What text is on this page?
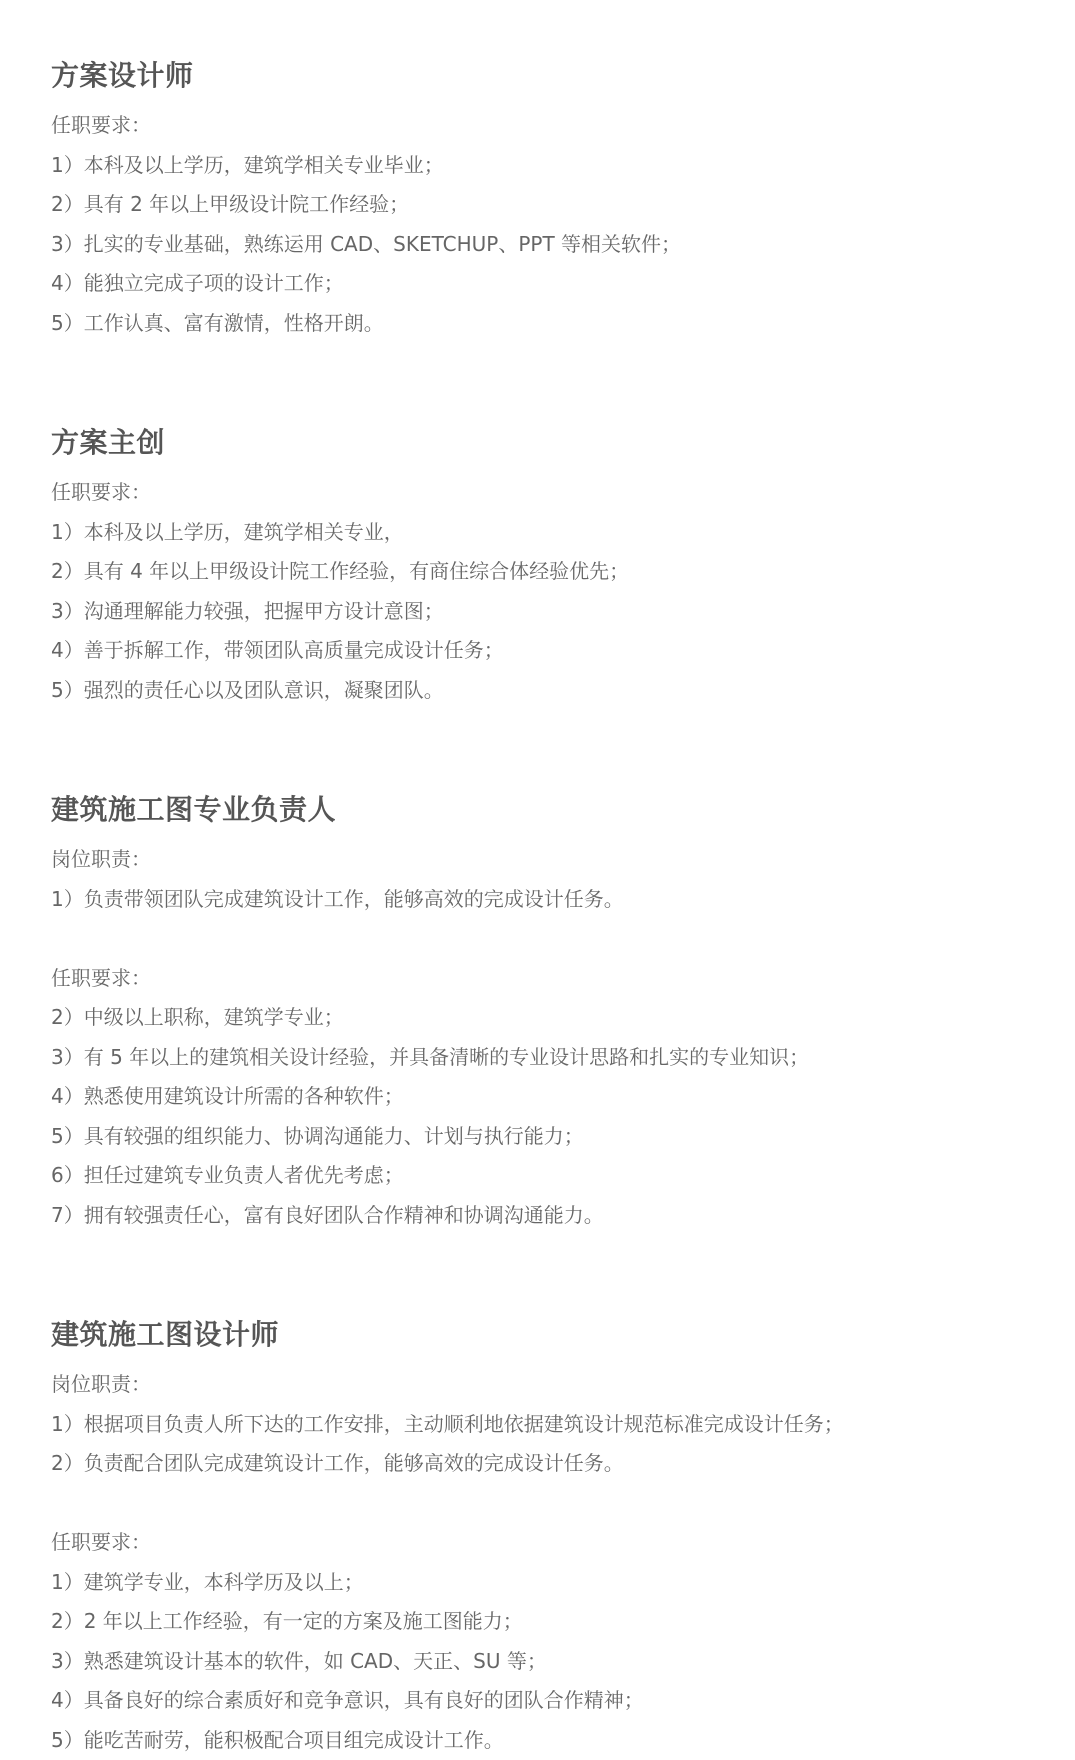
方案设计师
任职要求：
1）本科及以上学历，建筑学相关专业毕业；
2）具有 2 年以上甲级设计院工作经验；
3）扎实的专业基础，熟练运用 CAD、SKETCHUP、PPT 等相关软件；
4）能独立完成子项的设计工作；
5）工作认真、富有激情，性格开朗。
方案主创
任职要求：
1）本科及以上学历，建筑学相关专业，
2）具有 4 年以上甲级设计院工作经验，有商住综合体经验优先；
3）沟通理解能力较强，把握甲方设计意图；
4）善于拆解工作，带领团队高质量完成设计任务；
5）强烈的责任心以及团队意识，凝聚团队。
建筑施工图专业负责人
岗位职责：
1）负责带领团队完成建筑设计工作，能够高效的完成设计任务。
任职要求：
2）中级以上职称，建筑学专业；
3）有 5 年以上的建筑相关设计经验，并具备清晰的专业设计思路和扎实的专业知识；
4）熟悉使用建筑设计所需的各种软件；
5）具有较强的组织能力、协调沟通能力、计划与执行能力；
6）担任过建筑专业负责人者优先考虑；
7）拥有较强责任心，富有良好团队合作精神和协调沟通能力。
建筑施工图设计师
岗位职责：
1）根据项目负责人所下达的工作安排，主动顺利地依据建筑设计规范标准完成设计任务；
2）负责配合团队完成建筑设计工作，能够高效的完成设计任务。
任职要求：
1）建筑学专业，本科学历及以上；
2）2 年以上工作经验，有一定的方案及施工图能力；
3）熟悉建筑设计基本的软件，如 CAD、天正、SU 等；
4）具备良好的综合素质好和竞争意识，具有良好的团队合作精神；
5）能吃苦耐劳，能积极配合项目组完成设计工作。
